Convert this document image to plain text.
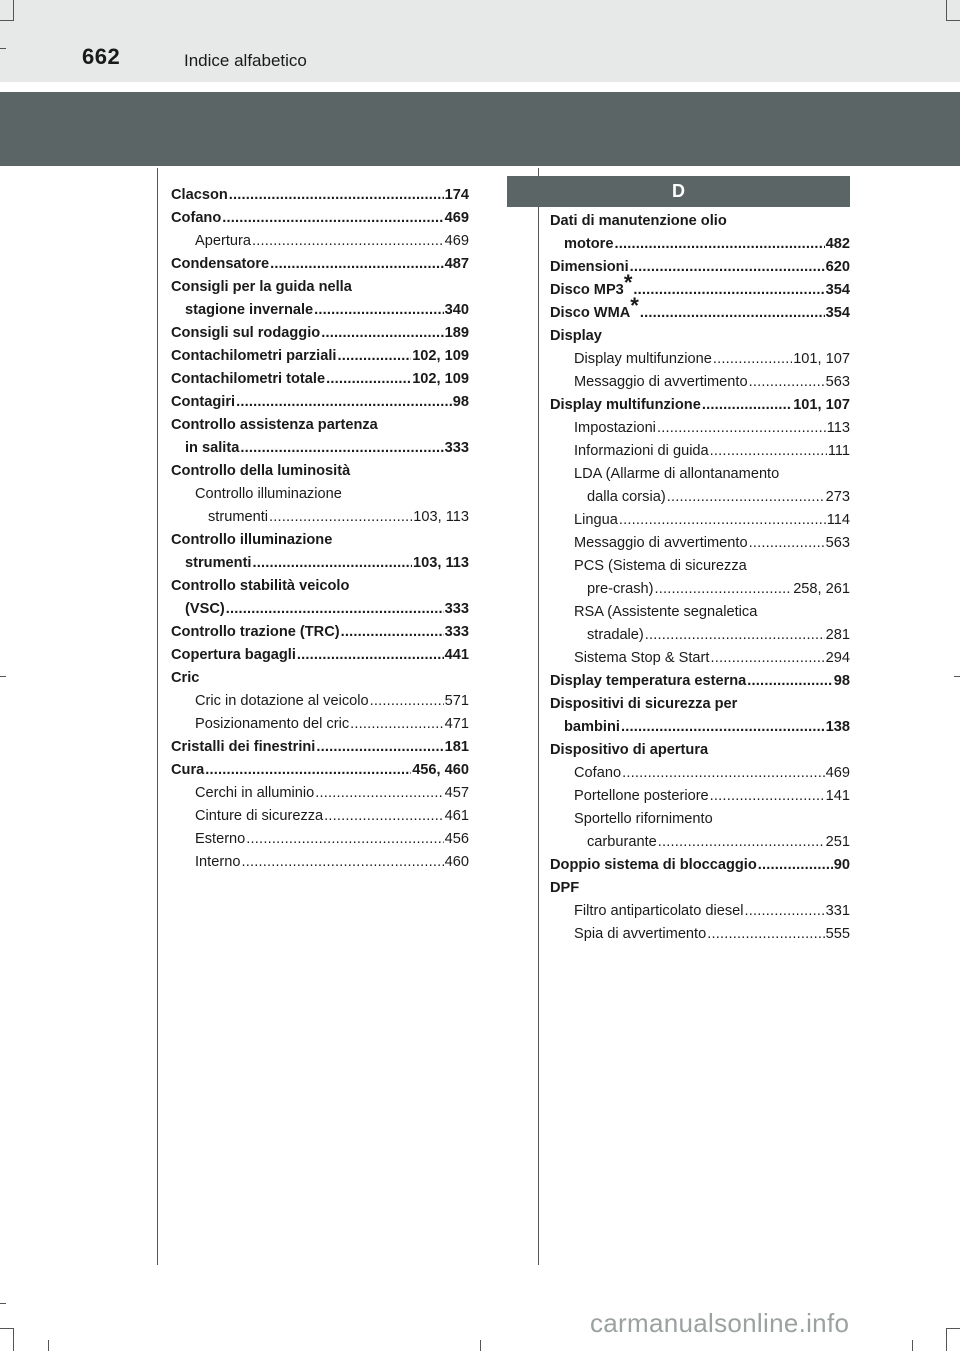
662	Indice alfabetico
Clacson .....	174
Cofano .....	469
Apertura .....	469
Condensatore .....	487
Consigli per la guida nella
stagione invernale .....	340
Consigli sul rodaggio .....	189
Contachilometri parziali .....	102, 109
Contachilometri totale .....	102, 109
Contagiri .....	98
Controllo assistenza partenza
in salita .....	333
Controllo della luminosità
Controllo illuminazione
strumenti .....	103, 113
Controllo illuminazione
strumenti .....	103, 113
Controllo stabilità veicolo
(VSC) .....	333
Controllo trazione (TRC) .....	333
Copertura bagagli .....	441
Cric
Cric in dotazione al veicolo .....	571
Posizionamento del cric .....	471
Cristalli dei finestrini .....	181
Cura .....	456, 460
Cerchi in alluminio .....	457
Cinture di sicurezza .....	461
Esterno .....	456
Interno .....	460
D
Dati di manutenzione olio
motore .....	482
Dimensioni .....	620
Disco MP3 * .....	354
Disco WMA * .....	354
Display
Display multifunzione .....	101, 107
Messaggio di avvertimento .....	563
Display multifunzione .....	101, 107
Impostazioni .....	113
Informazioni di guida .....	111
LDA (Allarme di allontanamento
dalla corsia) .....	273
Lingua .....	114
Messaggio di avvertimento .....	563
PCS (Sistema di sicurezza
pre-crash) .....	258, 261
RSA (Assistente segnaletica
stradale) .....	281
Sistema Stop & Start .....	294
Display temperatura esterna .....	98
Dispositivi di sicurezza per
bambini .....	138
Dispositivo di apertura
Cofano .....	469
Portellone posteriore .....	141
Sportello rifornimento
carburante .....	251
Doppio sistema di bloccaggio .....	90
DPF
Filtro antiparticolato diesel .....	331
Spia di avvertimento .....	555
carmanualsonline.info
